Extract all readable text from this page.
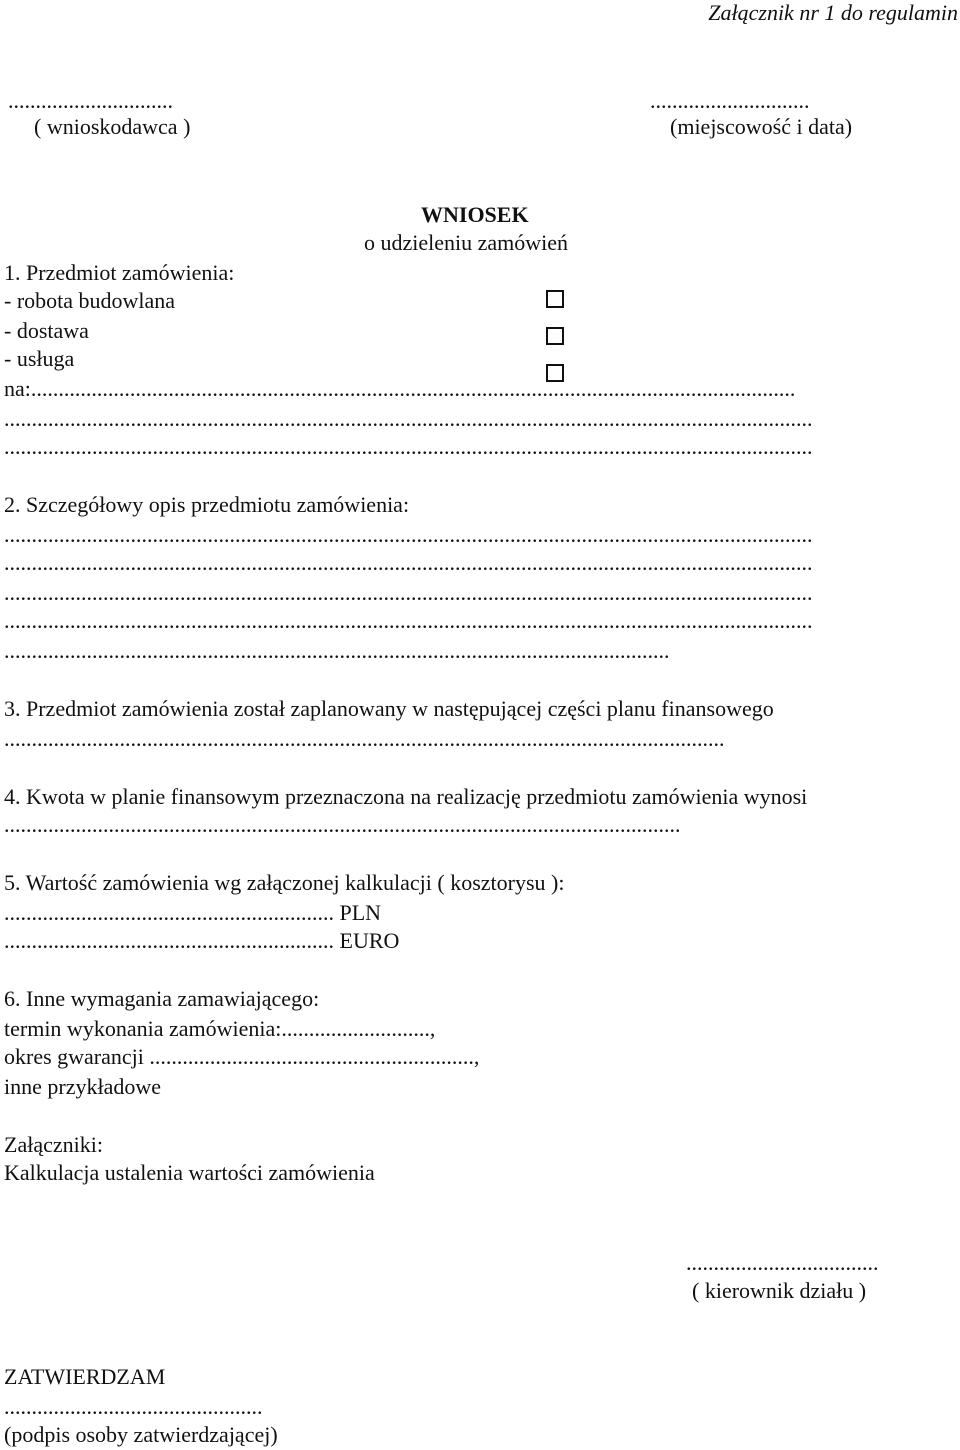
Załącznik nr 1 do regulamin
..............................
( wnioskodawca )
.............................
(miejscowość i data)
WNIOSEK
o udzieleniu zamówień
1. Przedmiot zamówienia:
- robota budowlana
- dostawa
- usługa
na:...........................................................................................................................................
...................................................................................................................................................
...................................................................................................................................................
2. Szczegółowy opis przedmiotu zamówienia:
...................................................................................................................................................
...................................................................................................................................................
...................................................................................................................................................
...................................................................................................................................................
.........................................................................................................................
3. Przedmiot zamówienia został zaplanowany w następującej części planu finansowego
...................................................................................................................................
4. Kwota w planie finansowym przeznaczona na realizację przedmiotu zamówienia wynosi
...........................................................................................................................
5. Wartość zamówienia wg załączonej kalkulacji ( kosztorysu ):
............................................................ PLN
............................................................ EURO
6. Inne wymagania zamawiającego:
termin wykonania zamówienia:...........................,
okres gwarancji ...........................................................,
inne przykładowe
Załączniki:
Kalkulacja ustalenia wartości zamówienia
...................................
( kierownik działu )
ZATWIERDZAM
...............................................
(podpis osoby zatwierdzającej)
